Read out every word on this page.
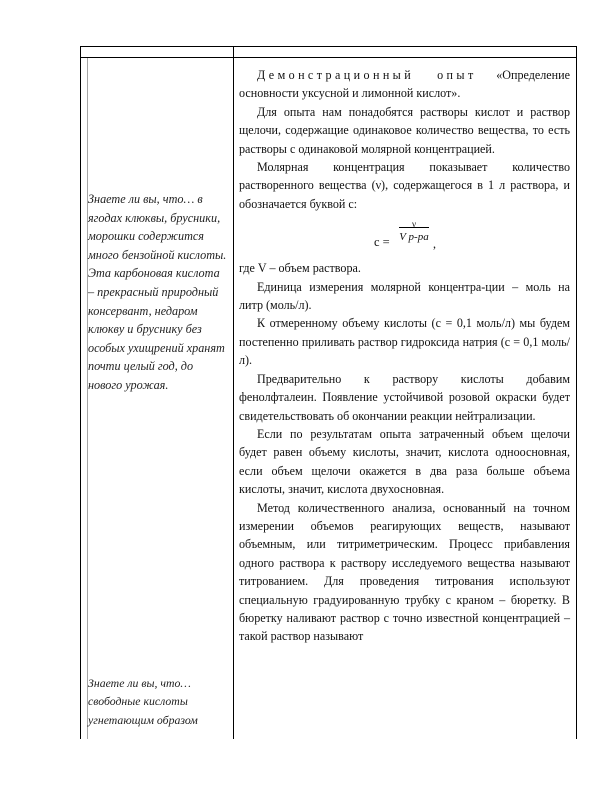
Знаете ли вы, что… в ягодах клюквы, брусники, морошки содержится много бензойной кислоты. Эта карбоновая кислота – прекрасный природный консервант, недаром клюкву и бруснику без особых ухищрений хранят почти целый год, до нового урожая.
Знаете ли вы, что… свободные кислоты угнетающим образом

Демонстрационный опыт «Определение основности уксусной и лимонной кислот».

Для опыта нам понадобятся растворы кислот и раствор щелочи, содержащие одинаковое количество вещества, то есть растворы с одинаковой молярной концентрацией.

Молярная концентрация показывает количество растворенного вещества (ν), содержащегося в 1 л раствора, и обозначается буквой c:

c =
ν
V р-ра ,

где V – объем раствора.

Единица измерения молярной концентра-ции – моль на литр (моль/л).

К отмеренному объему кислоты (c = 0,1 моль/л) мы будем постепенно приливать раствор гидроксида натрия (c = 0,1 моль/л).

Предварительно к раствору кислоты добавим фенолфталеин. Появление устойчивой розовой окраски будет свидетельствовать об окончании реакции нейтрализации.

Если по результатам опыта затраченный объем щелочи будет равен объему кислоты, значит, кислота одноосновная, если объем щелочи окажется в два раза больше объема кислоты, значит, кислота двухосновная.

Метод количественного анализа, основанный на точном измерении объемов реагирующих веществ, называют объемным, или титриметрическим. Процесс прибавления одного раствора к раствору исследуемого вещества называют титрованием. Для проведения титрования используют специальную градуированную трубку с краном – бюретку. В бюретку наливают раствор с точно известной концентрацией – такой раствор называют
